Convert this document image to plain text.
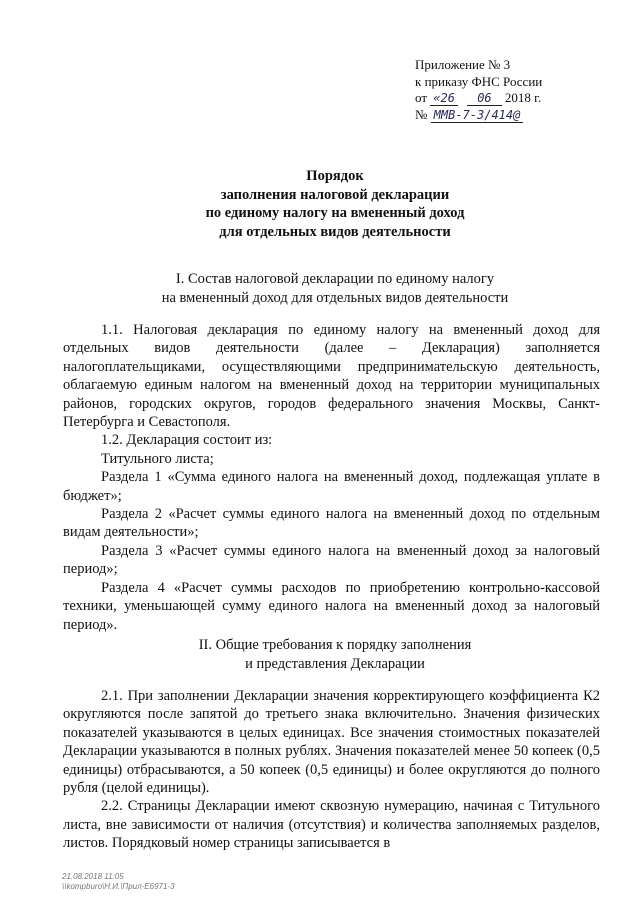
Приложение № 3
к приказу ФНС России
от «26 06 2018 г.
№ ММВ-7-3/414@
Порядок
заполнения налоговой декларации
по единому налогу на вмененный доход
для отдельных видов деятельности
I. Состав налоговой декларации по единому налогу
на вмененный доход для отдельных видов деятельности

1.1. Налоговая декларация по единому налогу на вмененный доход для отдельных видов деятельности (далее – Декларация) заполняется налогоплательщиками, осуществляющими предпринимательскую деятельность, облагаемую единым налогом на вмененный доход на территории муниципальных районов, городских округов, городов федерального значения Москвы, Санкт-Петербурга и Севастополя.

1.2. Декларация состоит из:

Титульного листа;

Раздела 1 «Сумма единого налога на вмененный доход, подлежащая уплате в бюджет»;

Раздела 2 «Расчет суммы единого налога на вмененный доход по отдельным видам деятельности»;

Раздела 3 «Расчет суммы единого налога на вмененный доход за налоговый период»;

Раздела 4 «Расчет суммы расходов по приобретению контрольно-кассовой техники, уменьшающей сумму единого налога на вмененный доход за налоговый период».

II. Общие требования к порядку заполнения
и представления Декларации

2.1. При заполнении Декларации значения корректирующего коэффициента К2 округляются после запятой до третьего знака включительно. Значения физических показателей указываются в целых единицах. Все значения стоимостных показателей Декларации указываются в полных рублях. Значения показателей менее 50 копеек (0,5 единицы) отбрасываются, а 50 копеек (0,5 единицы) и более округляются до полного рубля (целой единицы).

2.2. Страницы Декларации имеют сквозную нумерацию, начиная с Титульного листа, вне зависимости от наличия (отсутствия) и количества заполняемых разделов, листов. Порядковый номер страницы записывается в

21.08.2018 11:05
\\kompburo\Н.И.\Прил-E6971-3
